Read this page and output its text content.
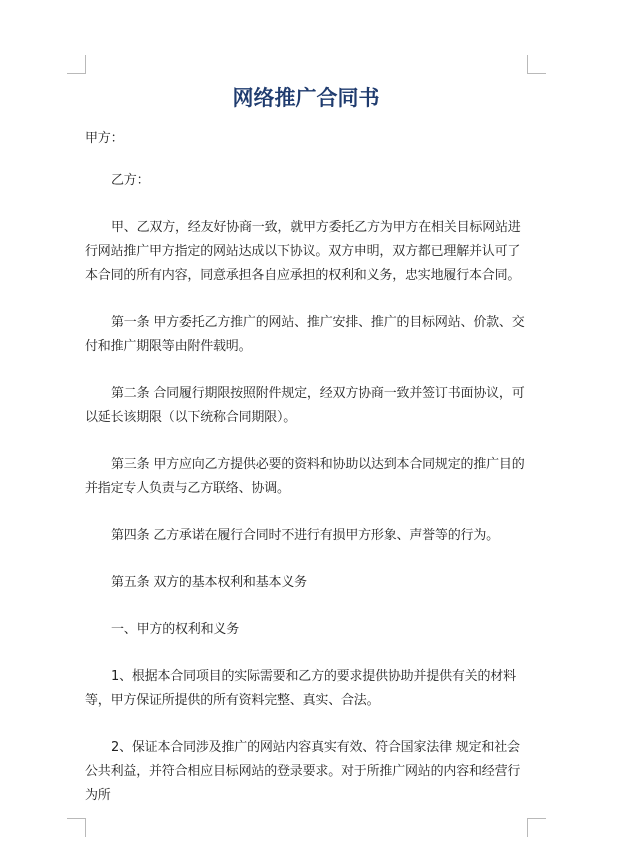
网络推广合同书

甲方：

乙方：

甲、乙双方，经友好协商一致，就甲方委托乙方为甲方在相关目标网站进行网站推广甲方指定的网站达成以下协议。双方申明，双方都已理解并认可了本合同的所有内容，同意承担各自应承担的权利和义务，忠实地履行本合同。

第一条 甲方委托乙方推广的网站、推广安排、推广的目标网站、价款、交付和推广期限等由附件载明。

第二条 合同履行期限按照附件规定，经双方协商一致并签订书面协议，可以延长该期限（以下统称合同期限）。

第三条 甲方应向乙方提供必要的资料和协助以达到本合同规定的推广目的并指定专人负责与乙方联络、协调。

第四条 乙方承诺在履行合同时不进行有损甲方形象、声誉等的行为。

第五条 双方的基本权利和基本义务

一、甲方的权利和义务

1、根据本合同项目的实际需要和乙方的要求提供协助并提供有关的材料等，甲方保证所提供的所有资料完整、真实、合法。

2、保证本合同涉及推广的网站内容真实有效、符合国家法律 规定和社会公共利益，并符合相应目标网站的登录要求。对于所推广网站的内容和经营行为所
